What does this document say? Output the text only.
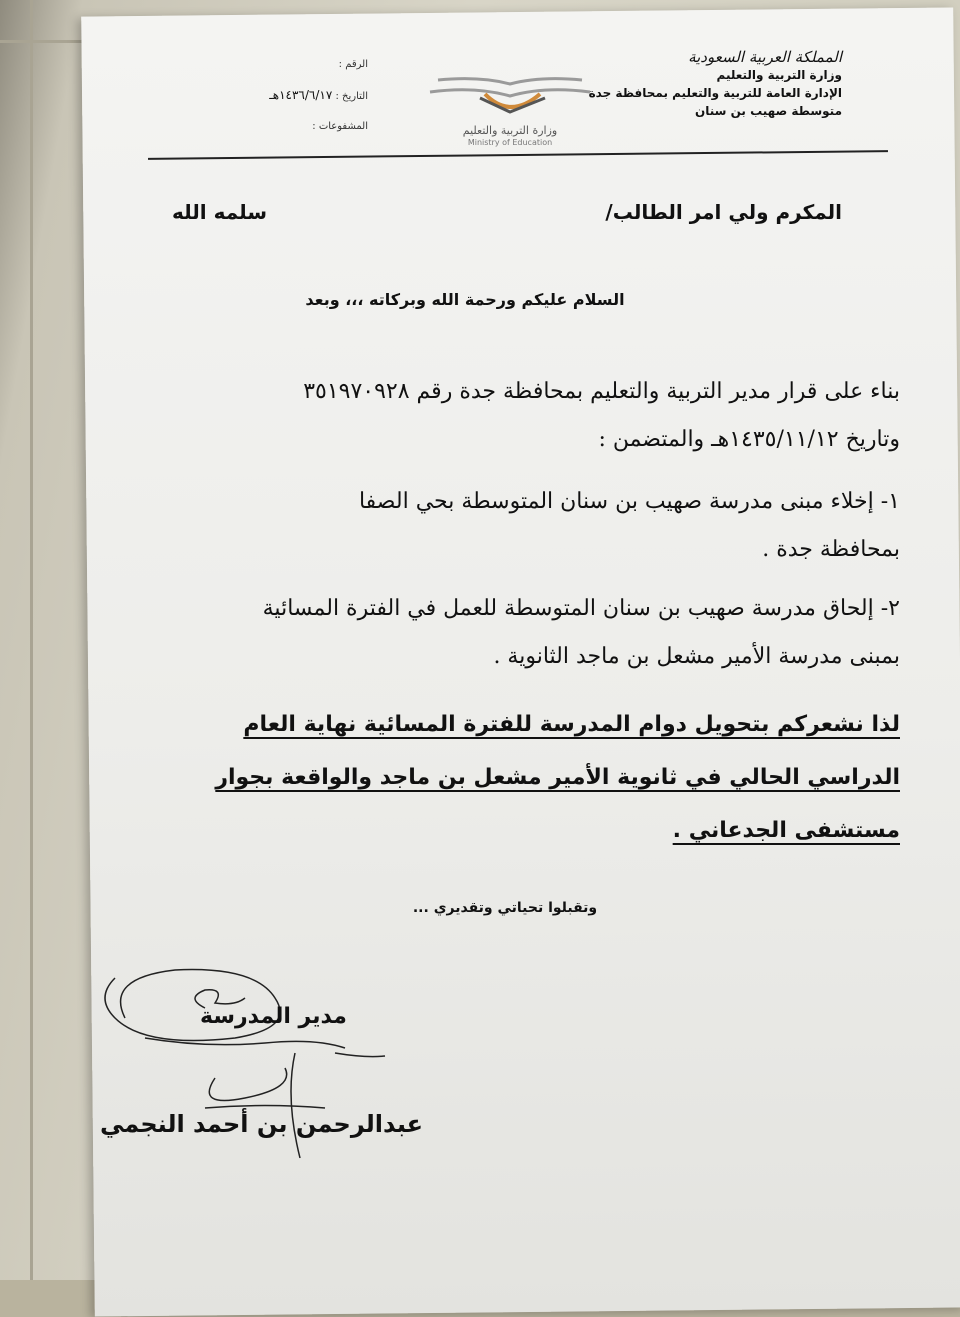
المملكة العربية السعودية
وزارة التربية والتعليم
الإدارة العامة للتربية والتعليم بمحافظة جدة
متوسطة صهيب بن سنان
وزارة التربية والتعليم
Ministry of Education
الرقم :
التاريخ : ١٤٣٦/٦/١٧هـ
المشفوعات :
المكرم ولي امر الطالب/
سلمه الله
السلام عليكم ورحمة الله وبركاته ،،، وبعد
بناء على قرار مدير التربية والتعليم بمحافظة جدة رقم ٣٥١٩٧٠٩٢٨
وتاريخ ١٤٣٥/١١/١٢هـ والمتضمن :
١- إخلاء مبنى مدرسة صهيب بن سنان المتوسطة بحي الصفا
بمحافظة جدة .
٢- إلحاق مدرسة صهيب بن سنان المتوسطة للعمل في الفترة المسائية
بمبنى مدرسة الأمير مشعل بن ماجد الثانوية .
لذا نشعركم بتحويل دوام المدرسة للفترة المسائية نهاية العام
الدراسي الحالي في ثانوية الأمير مشعل بن ماجد والواقعة بجوار
مستشفى الجدعاني .
وتقبلوا تحياتي وتقديري ...
مدير المدرسة
عبدالرحمن بن أحمد النجمي
